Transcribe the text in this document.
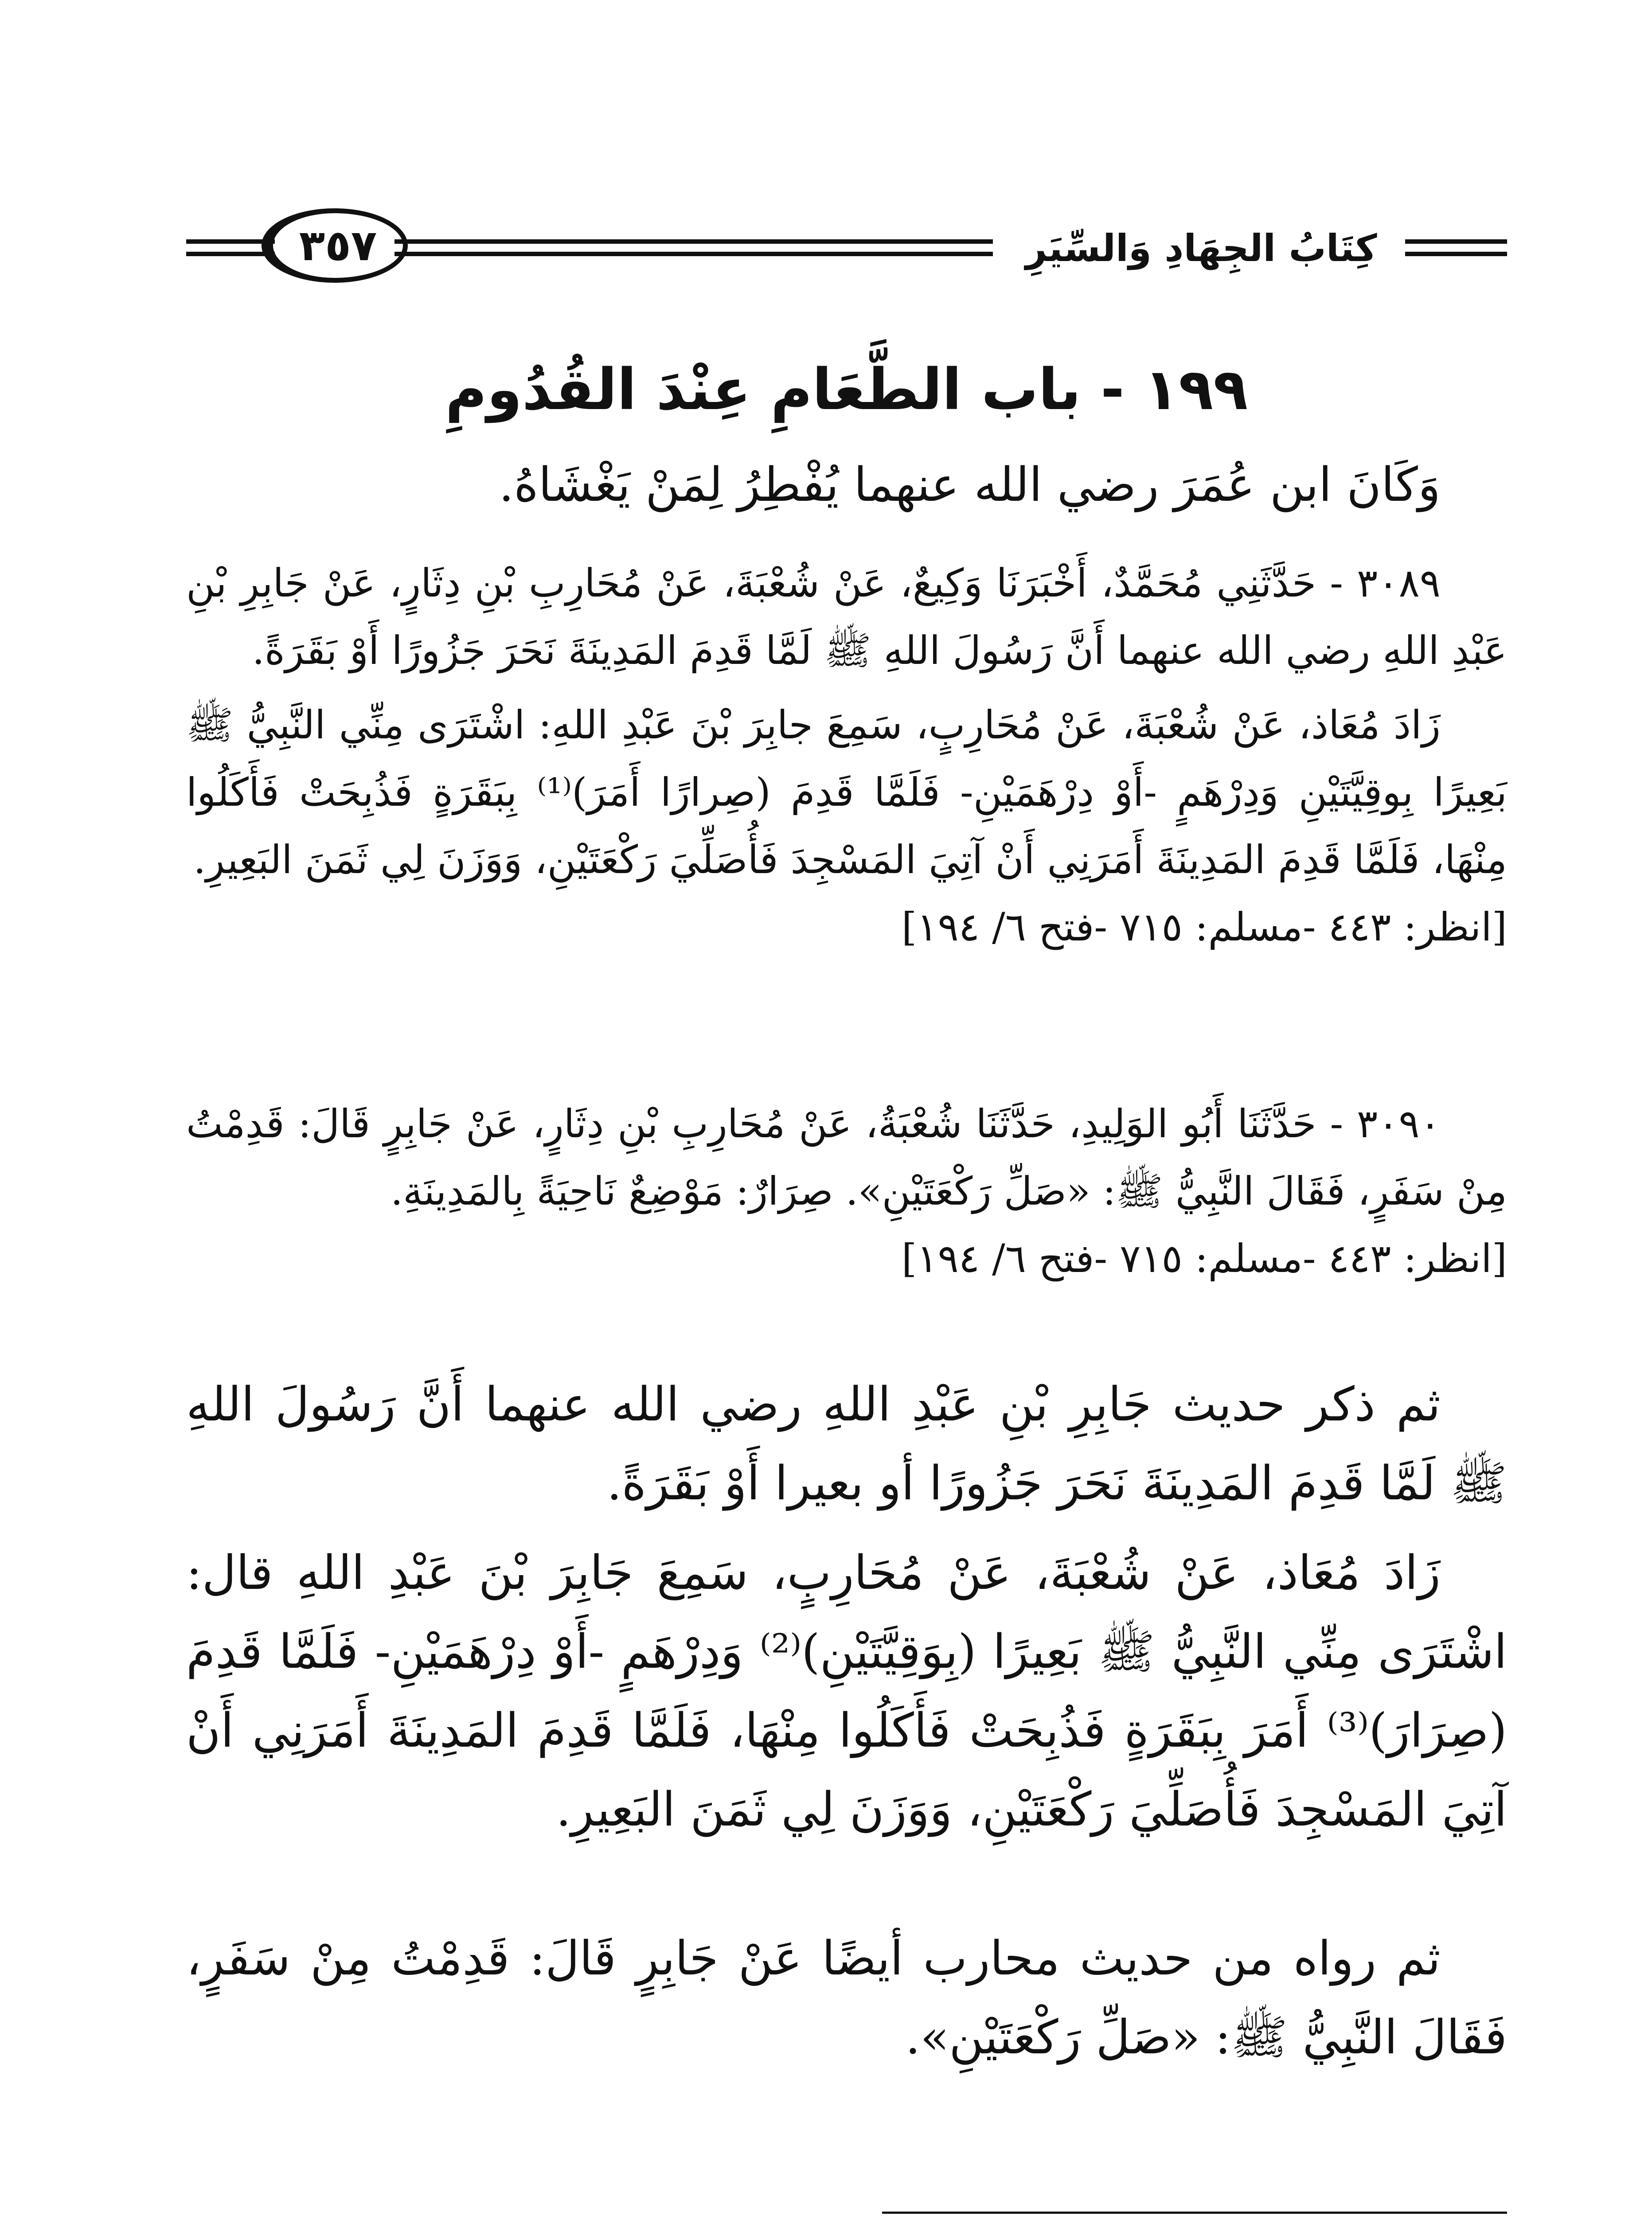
٣٥٧	كِتَابُ الجِهَادِ وَالسِّيَرِ
١٩٩ - باب الطَّعَامِ عِنْدَ القُدُومِ

وَكَانَ ابن عُمَرَ رضي الله عنهما يُفْطِرُ لِمَنْ يَغْشَاهُ.

٣٠٨٩ - حَدَّثَنِي مُحَمَّدٌ، أَخْبَرَنَا وَكِيعٌ، عَنْ شُعْبَةَ، عَنْ مُحَارِبِ بْنِ دِثَارٍ، عَنْ جَابِرِ بْنِ عَبْدِ اللهِ رضي الله عنهما أَنَّ رَسُولَ اللهِ ﷺ لَمَّا قَدِمَ المَدِينَةَ نَحَرَ جَزُورًا أَوْ بَقَرَةً.

زَادَ مُعَاذ، عَنْ شُعْبَةَ، عَنْ مُحَارِبٍ، سَمِعَ جابِرَ بْنَ عَبْدِ اللهِ: اشْتَرَى مِنِّي النَّبِيُّ ﷺ بَعِيرًا بِوقِيَّتَيْنِ وَدِرْهَمٍ -أَوْ دِرْهَمَيْنِ- فَلَمَّا قَدِمَ (صِرارًا أَمَرَ)⁽¹⁾ بِبَقَرَةٍ فَذُبِحَتْ فَأَكَلُوا مِنْهَا، فَلَمَّا قَدِمَ المَدِينَةَ أَمَرَنِي أَنْ آتِيَ المَسْجِدَ فَأُصَلِّيَ رَكْعَتَيْنِ، وَوَزَنَ لِي ثَمَنَ البَعِيرِ.
[انظر: ٤٤٣ -مسلم: ٧١٥ -فتح ٦/ ١٩٤]
٣٠٩٠ - حَدَّثَنَا أَبُو الوَلِيدِ، حَدَّثَنَا شُعْبَةُ، عَنْ مُحَارِبِ بْنِ دِثَارٍ، عَنْ جَابِرٍ قَالَ: قَدِمْتُ مِنْ سَفَرٍ، فَقَالَ النَّبِيُّ ﷺ: «صَلِّ رَكْعَتَيْنِ». صِرَارٌ: مَوْضِعٌ نَاحِيَةً بِالمَدِينَةِ.
[انظر: ٤٤٣ -مسلم: ٧١٥ -فتح ٦/ ١٩٤]

ثم ذكر حديث جَابِرِ بْنِ عَبْدِ اللهِ رضي الله عنهما أَنَّ رَسُولَ اللهِ ﷺ لَمَّا قَدِمَ المَدِينَةَ نَحَرَ جَزُورًا أو بعيرا أَوْ بَقَرَةً.

زَادَ مُعَاذ، عَنْ شُعْبَةَ، عَنْ مُحَارِبٍ، سَمِعَ جَابِرَ بْنَ عَبْدِ اللهِ قال: اشْتَرَى مِنِّي النَّبِيُّ ﷺ بَعِيرًا (بِوَقِيَّتَيْنِ)⁽²⁾ وَدِرْهَمٍ -أَوْ دِرْهَمَيْنِ- فَلَمَّا قَدِمَ (صِرَارَ)⁽³⁾ أَمَرَ بِبَقَرَةٍ فَذُبِحَتْ فَأَكَلُوا مِنْهَا، فَلَمَّا قَدِمَ المَدِينَةَ أَمَرَنِي أَنْ آتِيَ المَسْجِدَ فَأُصَلِّيَ رَكْعَتَيْنِ، وَوَزَنَ لِي ثَمَنَ البَعِيرِ.

ثم رواه من حديث محارب أيضًا عَنْ جَابِرٍ قَالَ: قَدِمْتُ مِنْ سَفَرٍ، فَقَالَ النَّبِيُّ ﷺ: «صَلِّ رَكْعَتَيْنِ».
